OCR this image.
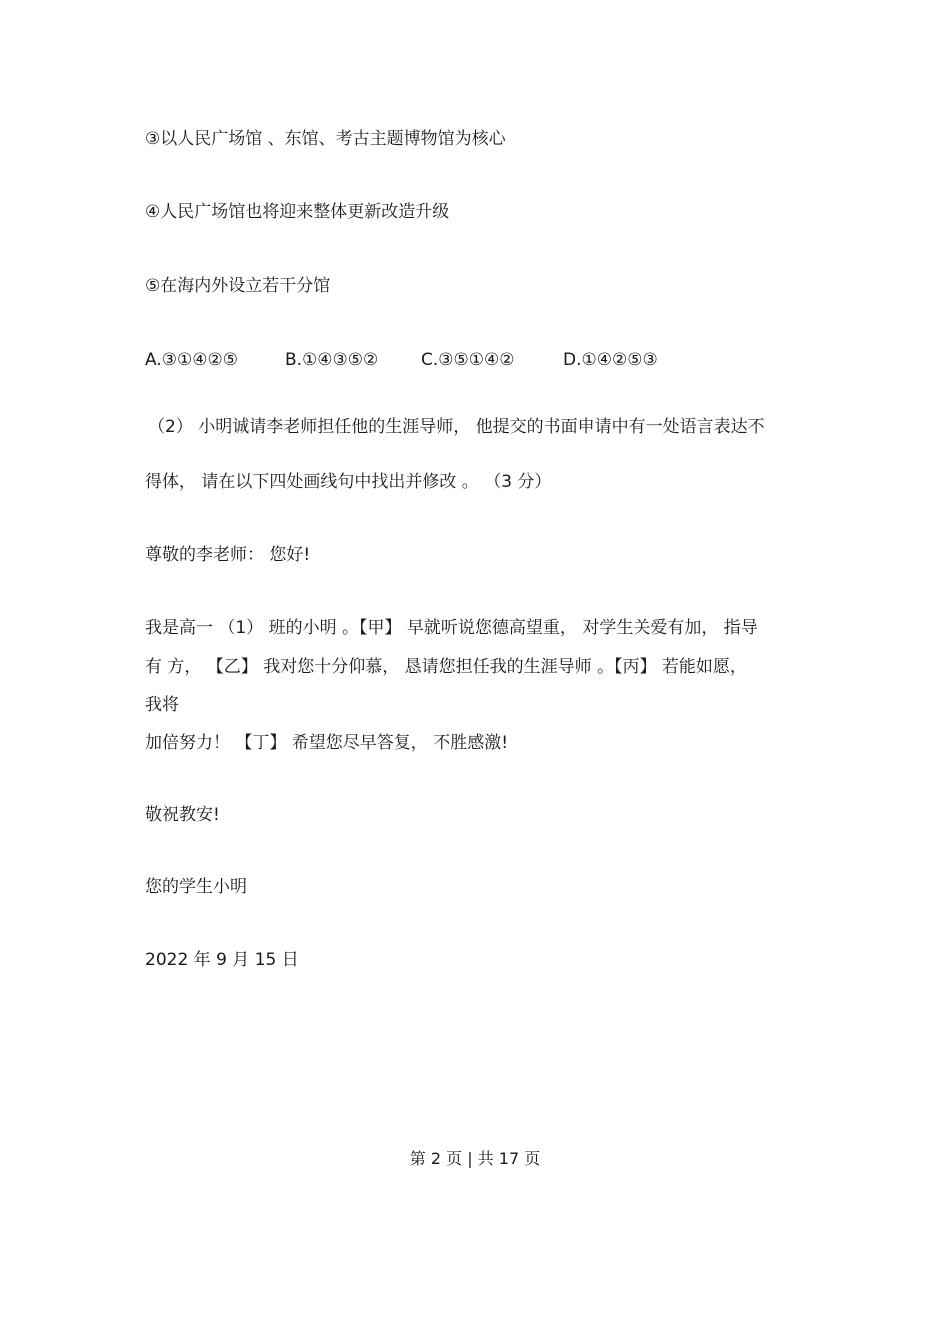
③以人民广场馆 、东馆、考古主题博物馆为核心

④人民广场馆也将迎来整体更新改造升级

⑤在海内外设立若干分馆

A.③①④②⑤	B.①④③⑤②	C.③⑤①④②	D.①④②⑤③

（2） 小明诚请李老师担任他的生涯导师， 他提交的书面申请中有一处语言表达不

得体， 请在以下四处画线句中找出并修改 。 （3 分）

尊敬的李老师： 您好!

我是高一 （1） 班的小明 。【甲】 早就听说您德高望重， 对学生关爱有加， 指导

有 方， 【乙】 我对您十分仰慕， 恳请您担任我的生涯导师 。【丙】 若能如愿，

我将

加倍努力！ 【丁】 希望您尽早答复， 不胜感激!

敬祝教安!

您的学生小明

2022 年 9 月 15 日

第 2 页 | 共 17 页
